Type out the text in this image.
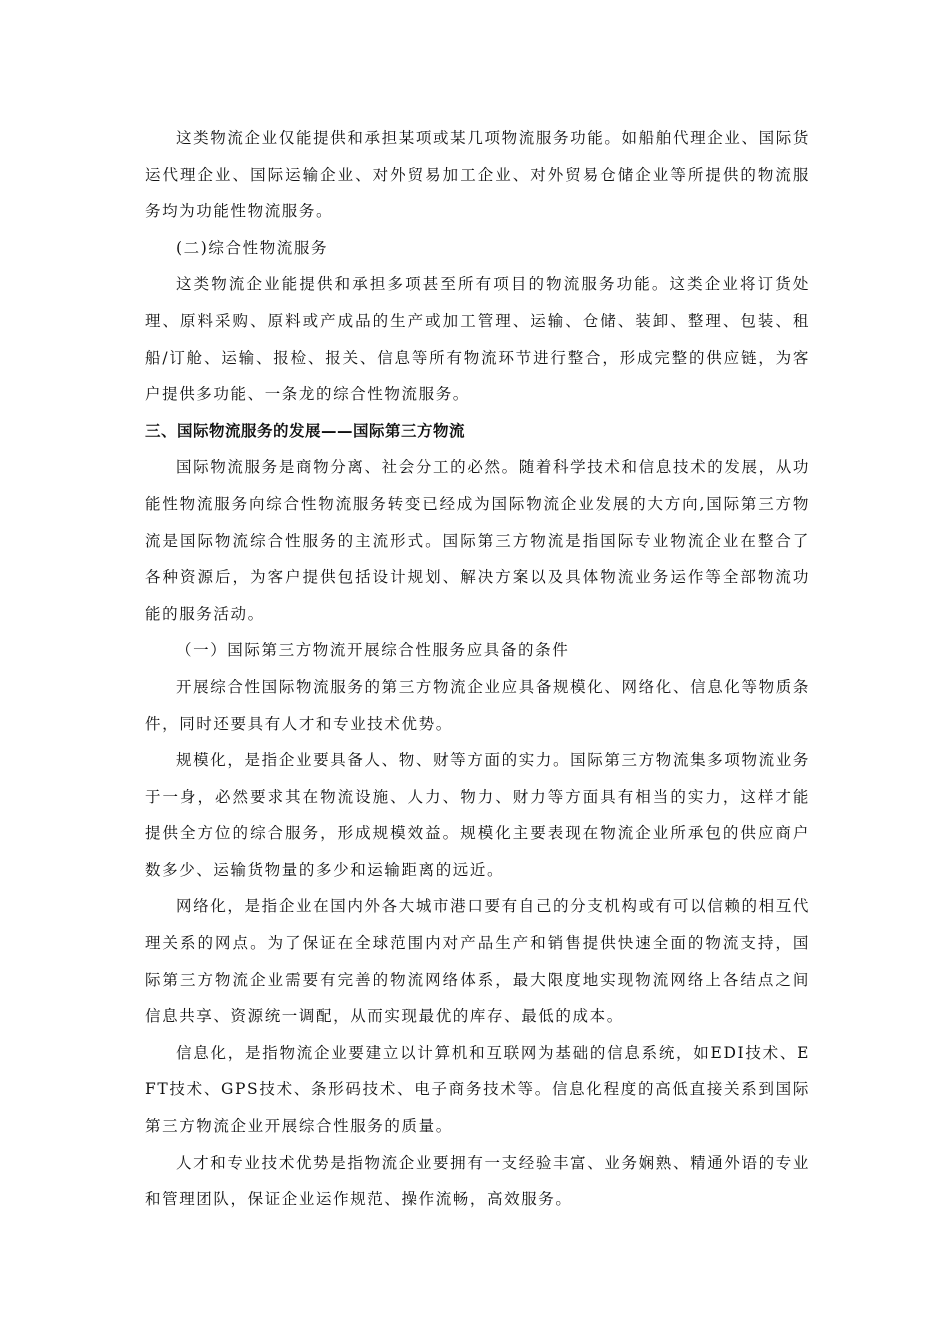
这类物流企业仅能提供和承担某项或某几项物流服务功能。如船舶代理企业、国际货运代理企业、国际运输企业、对外贸易加工企业、对外贸易仓储企业等所提供的物流服务均为功能性物流服务。

(二)综合性物流服务

这类物流企业能提供和承担多项甚至所有项目的物流服务功能。这类企业将订货处理、原料采购、原料或产成品的生产或加工管理、运输、仓储、装卸、整理、包装、租船/订舱、运输、报检、报关、信息等所有物流环节进行整合，形成完整的供应链，为客户提供多功能、一条龙的综合性物流服务。

三、国际物流服务的发展——国际第三方物流

国际物流服务是商物分离、社会分工的必然。随着科学技术和信息技术的发展，从功能性物流服务向综合性物流服务转变已经成为国际物流企业发展的大方向,国际第三方物流是国际物流综合性服务的主流形式。国际第三方物流是指国际专业物流企业在整合了各种资源后，为客户提供包括设计规划、解决方案以及具体物流业务运作等全部物流功能的服务活动。

（一）国际第三方物流开展综合性服务应具备的条件

开展综合性国际物流服务的第三方物流企业应具备规模化、网络化、信息化等物质条件，同时还要具有人才和专业技术优势。

规模化，是指企业要具备人、物、财等方面的实力。国际第三方物流集多项物流业务于一身，必然要求其在物流设施、人力、物力、财力等方面具有相当的实力，这样才能提供全方位的综合服务，形成规模效益。规模化主要表现在物流企业所承包的供应商户数多少、运输货物量的多少和运输距离的远近。

网络化，是指企业在国内外各大城市港口要有自己的分支机构或有可以信赖的相互代理关系的网点。为了保证在全球范围内对产品生产和销售提供快速全面的物流支持，国际第三方物流企业需要有完善的物流网络体系，最大限度地实现物流网络上各结点之间信息共享、资源统一调配，从而实现最优的库存、最低的成本。

信息化，是指物流企业要建立以计算机和互联网为基础的信息系统，如EDI技术、EFT技术、GPS技术、条形码技术、电子商务技术等。信息化程度的高低直接关系到国际第三方物流企业开展综合性服务的质量。

人才和专业技术优势是指物流企业要拥有一支经验丰富、业务娴熟、精通外语的专业和管理团队，保证企业运作规范、操作流畅，高效服务。
